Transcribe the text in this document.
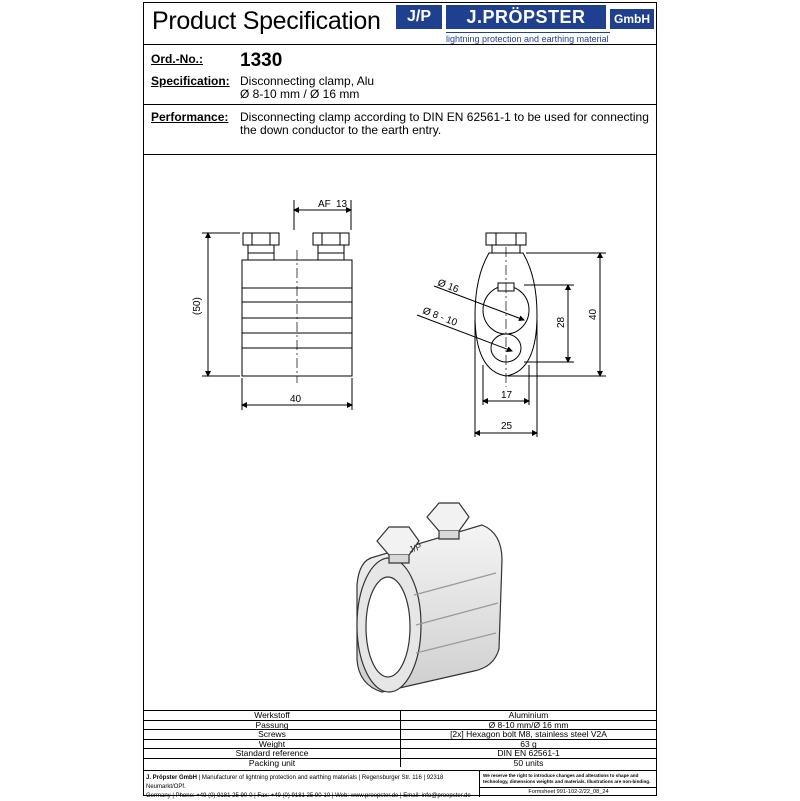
Product Specification	J/P	J.PRÖPSTER	GmbH
lightning protection and earthing material
Ord.-No.: 1330
Specification: Disconnecting clamp, Alu
Ø 8-10 mm / Ø 16 mm
Performance: Disconnecting clamp according to DIN EN 62561-1 to be used for connecting
the down conductor to the earth entry.
AF 13
(50)
40
Ø 16
Ø 8 - 10	28
40
17
25
J/P
Werkstoff	Aluminium
Passung	Ø 8-10 mm/Ø 16 mm
Screws	[2x] Hexagon bolt M8, stainless steel V2A
Weight	63 g
Standard reference	DIN EN 62561-1
Packing unit	50 units
J. Pröpster GmbH | Manufacturer of lightning protection and earthing materials | Regensburger Str. 116 | 92318 Neumarkt/OPf.
Germany | Phone: +49 (0) 9181 25 90-0 | Fax: +49 (0) 9181 25 90-10 | Web: www.proepster.de | Email: info@proepster.de
We reserve the right to introduce changes and alterations to shape and technology, dimensions weights and materials. Illustrations are non-binding.
Formsheet 991-102-2/22_08_24
